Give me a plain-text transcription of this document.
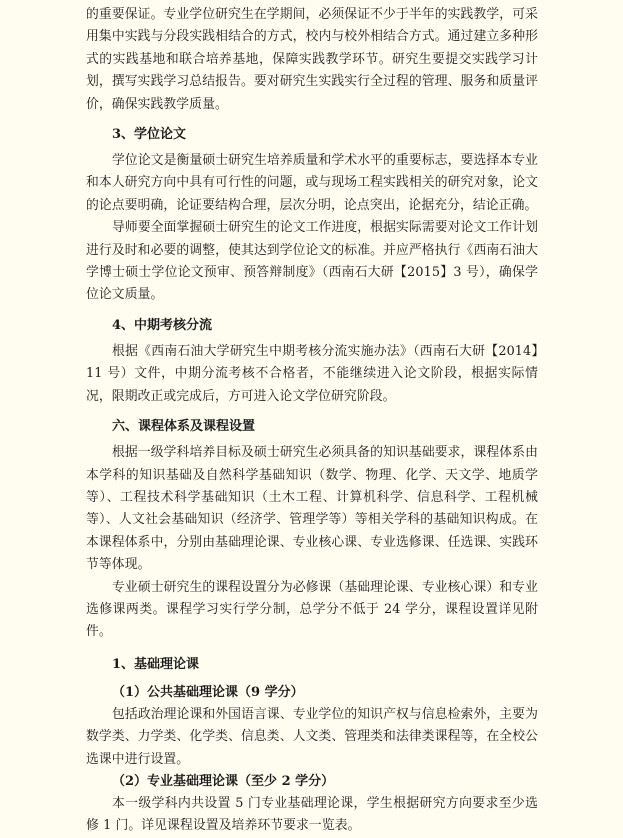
的重要保证。专业学位研究生在学期间，必须保证不少于半年的实践教学，可采用集中实践与分段实践相结合的方式，校内与校外相结合方式。通过建立多种形式的实践基地和联合培养基地，保障实践教学环节。研究生要提交实践学习计划，撰写实践学习总结报告。要对研究生实践实行全过程的管理、服务和质量评价，确保实践教学质量。

3、学位论文

学位论文是衡量硕士研究生培养质量和学术水平的重要标志，要选择本专业和本人研究方向中具有可行性的问题，或与现场工程实践相关的研究对象，论文的论点要明确，论证要结构合理，层次分明，论点突出，论据充分，结论正确。

导师要全面掌握硕士研究生的论文工作进度，根据实际需要对论文工作计划进行及时和必要的调整，使其达到学位论文的标准。并应严格执行《西南石油大学博士硕士学位论文预审、预答辩制度》（西南石大研【2015】3 号），确保学位论文质量。

4、中期考核分流

根据《西南石油大学研究生中期考核分流实施办法》（西南石大研【2014】11 号）文件，中期分流考核不合格者，不能继续进入论文阶段，根据实际情况，限期改正或完成后，方可进入论文学位研究阶段。

六、课程体系及课程设置

根据一级学科培养目标及硕士研究生必须具备的知识基础要求，课程体系由本学科的知识基础及自然科学基础知识（数学、物理、化学、天文学、地质学等）、工程技术科学基础知识（土木工程、计算机科学、信息科学、工程机械等）、人文社会基础知识（经济学、管理学等）等相关学科的基础知识构成。在本课程体系中，分别由基础理论课、专业核心课、专业选修课、任选课、实践环节等体现。

专业硕士研究生的课程设置分为必修课（基础理论课、专业核心课）和专业选修课两类。课程学习实行学分制，总学分不低于 24 学分，课程设置详见附件。

1、基础理论课
（1）公共基础理论课（9 学分）

包括政治理论课和外国语言课、专业学位的知识产权与信息检索外，主要为数学类、力学类、化学类、信息类、人文类、管理类和法律类课程等，在全校公选课中进行设置。

（2）专业基础理论课（至少 2 学分）

本一级学科内共设置 5 门专业基础理论课，学生根据研究方向要求至少选修 1 门。详见课程设置及培养环节要求一览表。
